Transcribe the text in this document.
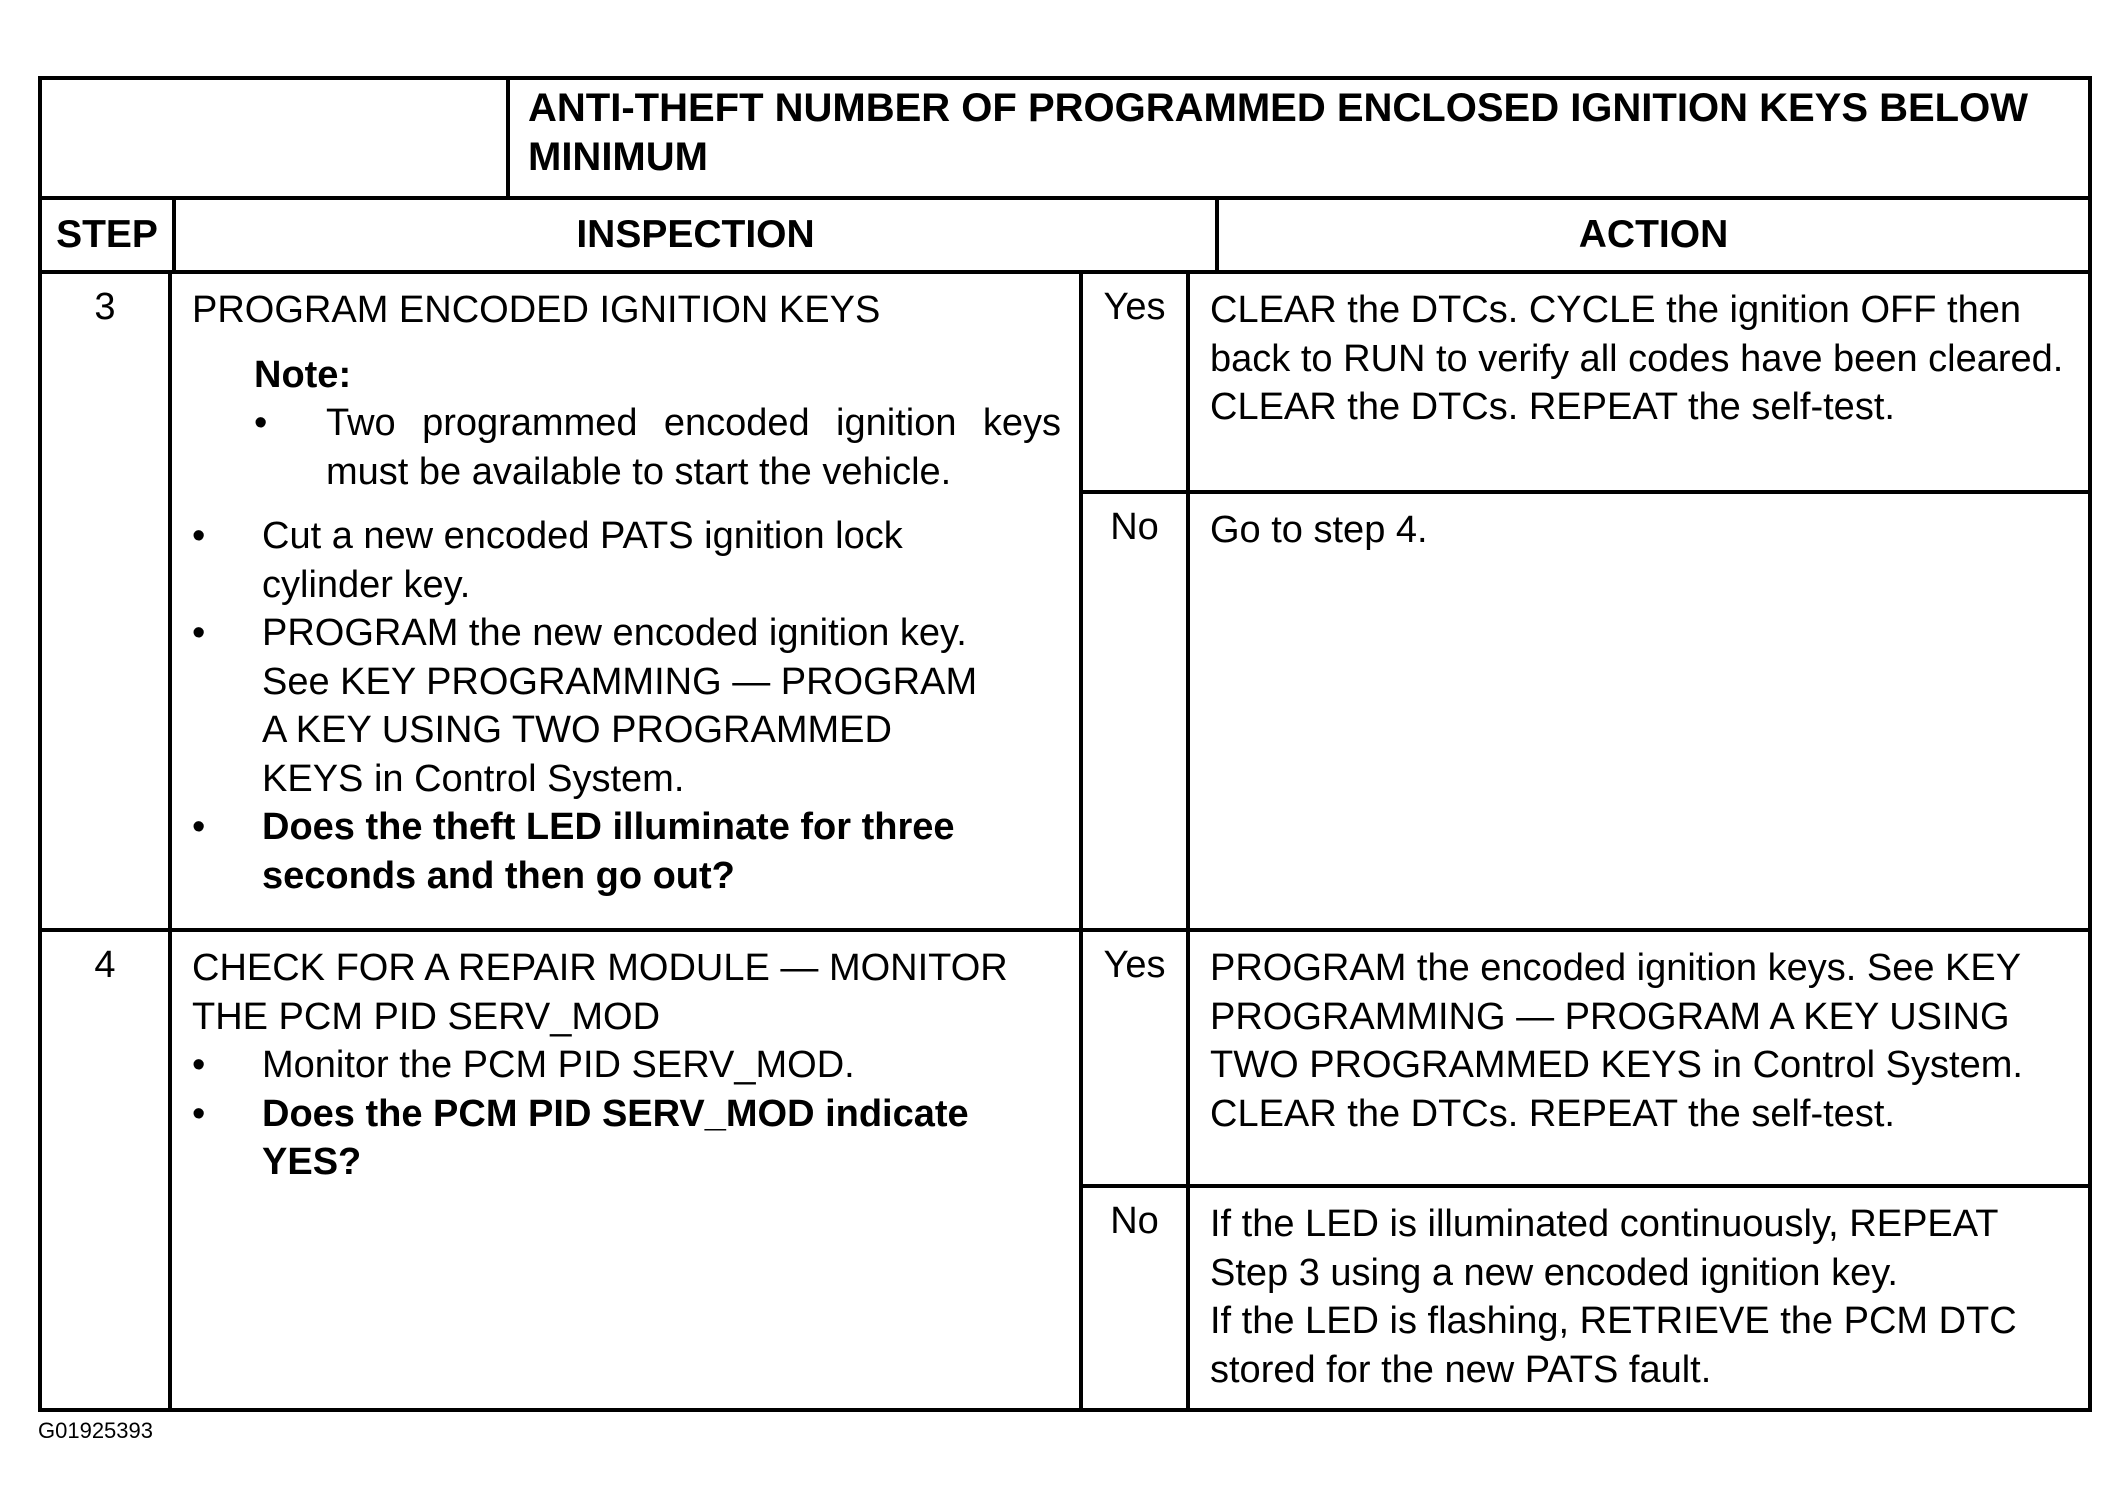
ANTI-THEFT NUMBER OF PROGRAMMED ENCLOSED IGNITION KEYS BELOW MINIMUM
STEP	INSPECTION	ACTION
3	PROGRAM ENCODED IGNITION KEYS
Note:
•	Two programmed encoded ignition keys must be available to start the vehicle.
•	Cut a new encoded PATS ignition lock cylinder key.
•	PROGRAM the new encoded ignition key. See KEY PROGRAMMING — PROGRAM A KEY USING TWO PROGRAMMED KEYS in Control System.
•	Does the theft LED illuminate for three seconds and then go out?
Yes	CLEAR the DTCs. CYCLE the ignition OFF then back to RUN to verify all codes have been cleared. CLEAR the DTCs. REPEAT the self-test.
No	Go to step 4.
4	CHECK FOR A REPAIR MODULE — MONITOR THE PCM PID SERV_MOD
•	Monitor the PCM PID SERV_MOD.
•	Does the PCM PID SERV_MOD indicate YES?
Yes	PROGRAM the encoded ignition keys. See KEY PROGRAMMING — PROGRAM A KEY USING TWO PROGRAMMED KEYS in Control System. CLEAR the DTCs. REPEAT the self-test.
No	If the LED is illuminated continuously, REPEAT Step 3 using a new encoded ignition key.
If the LED is flashing, RETRIEVE the PCM DTC stored for the new PATS fault.
G01925393
